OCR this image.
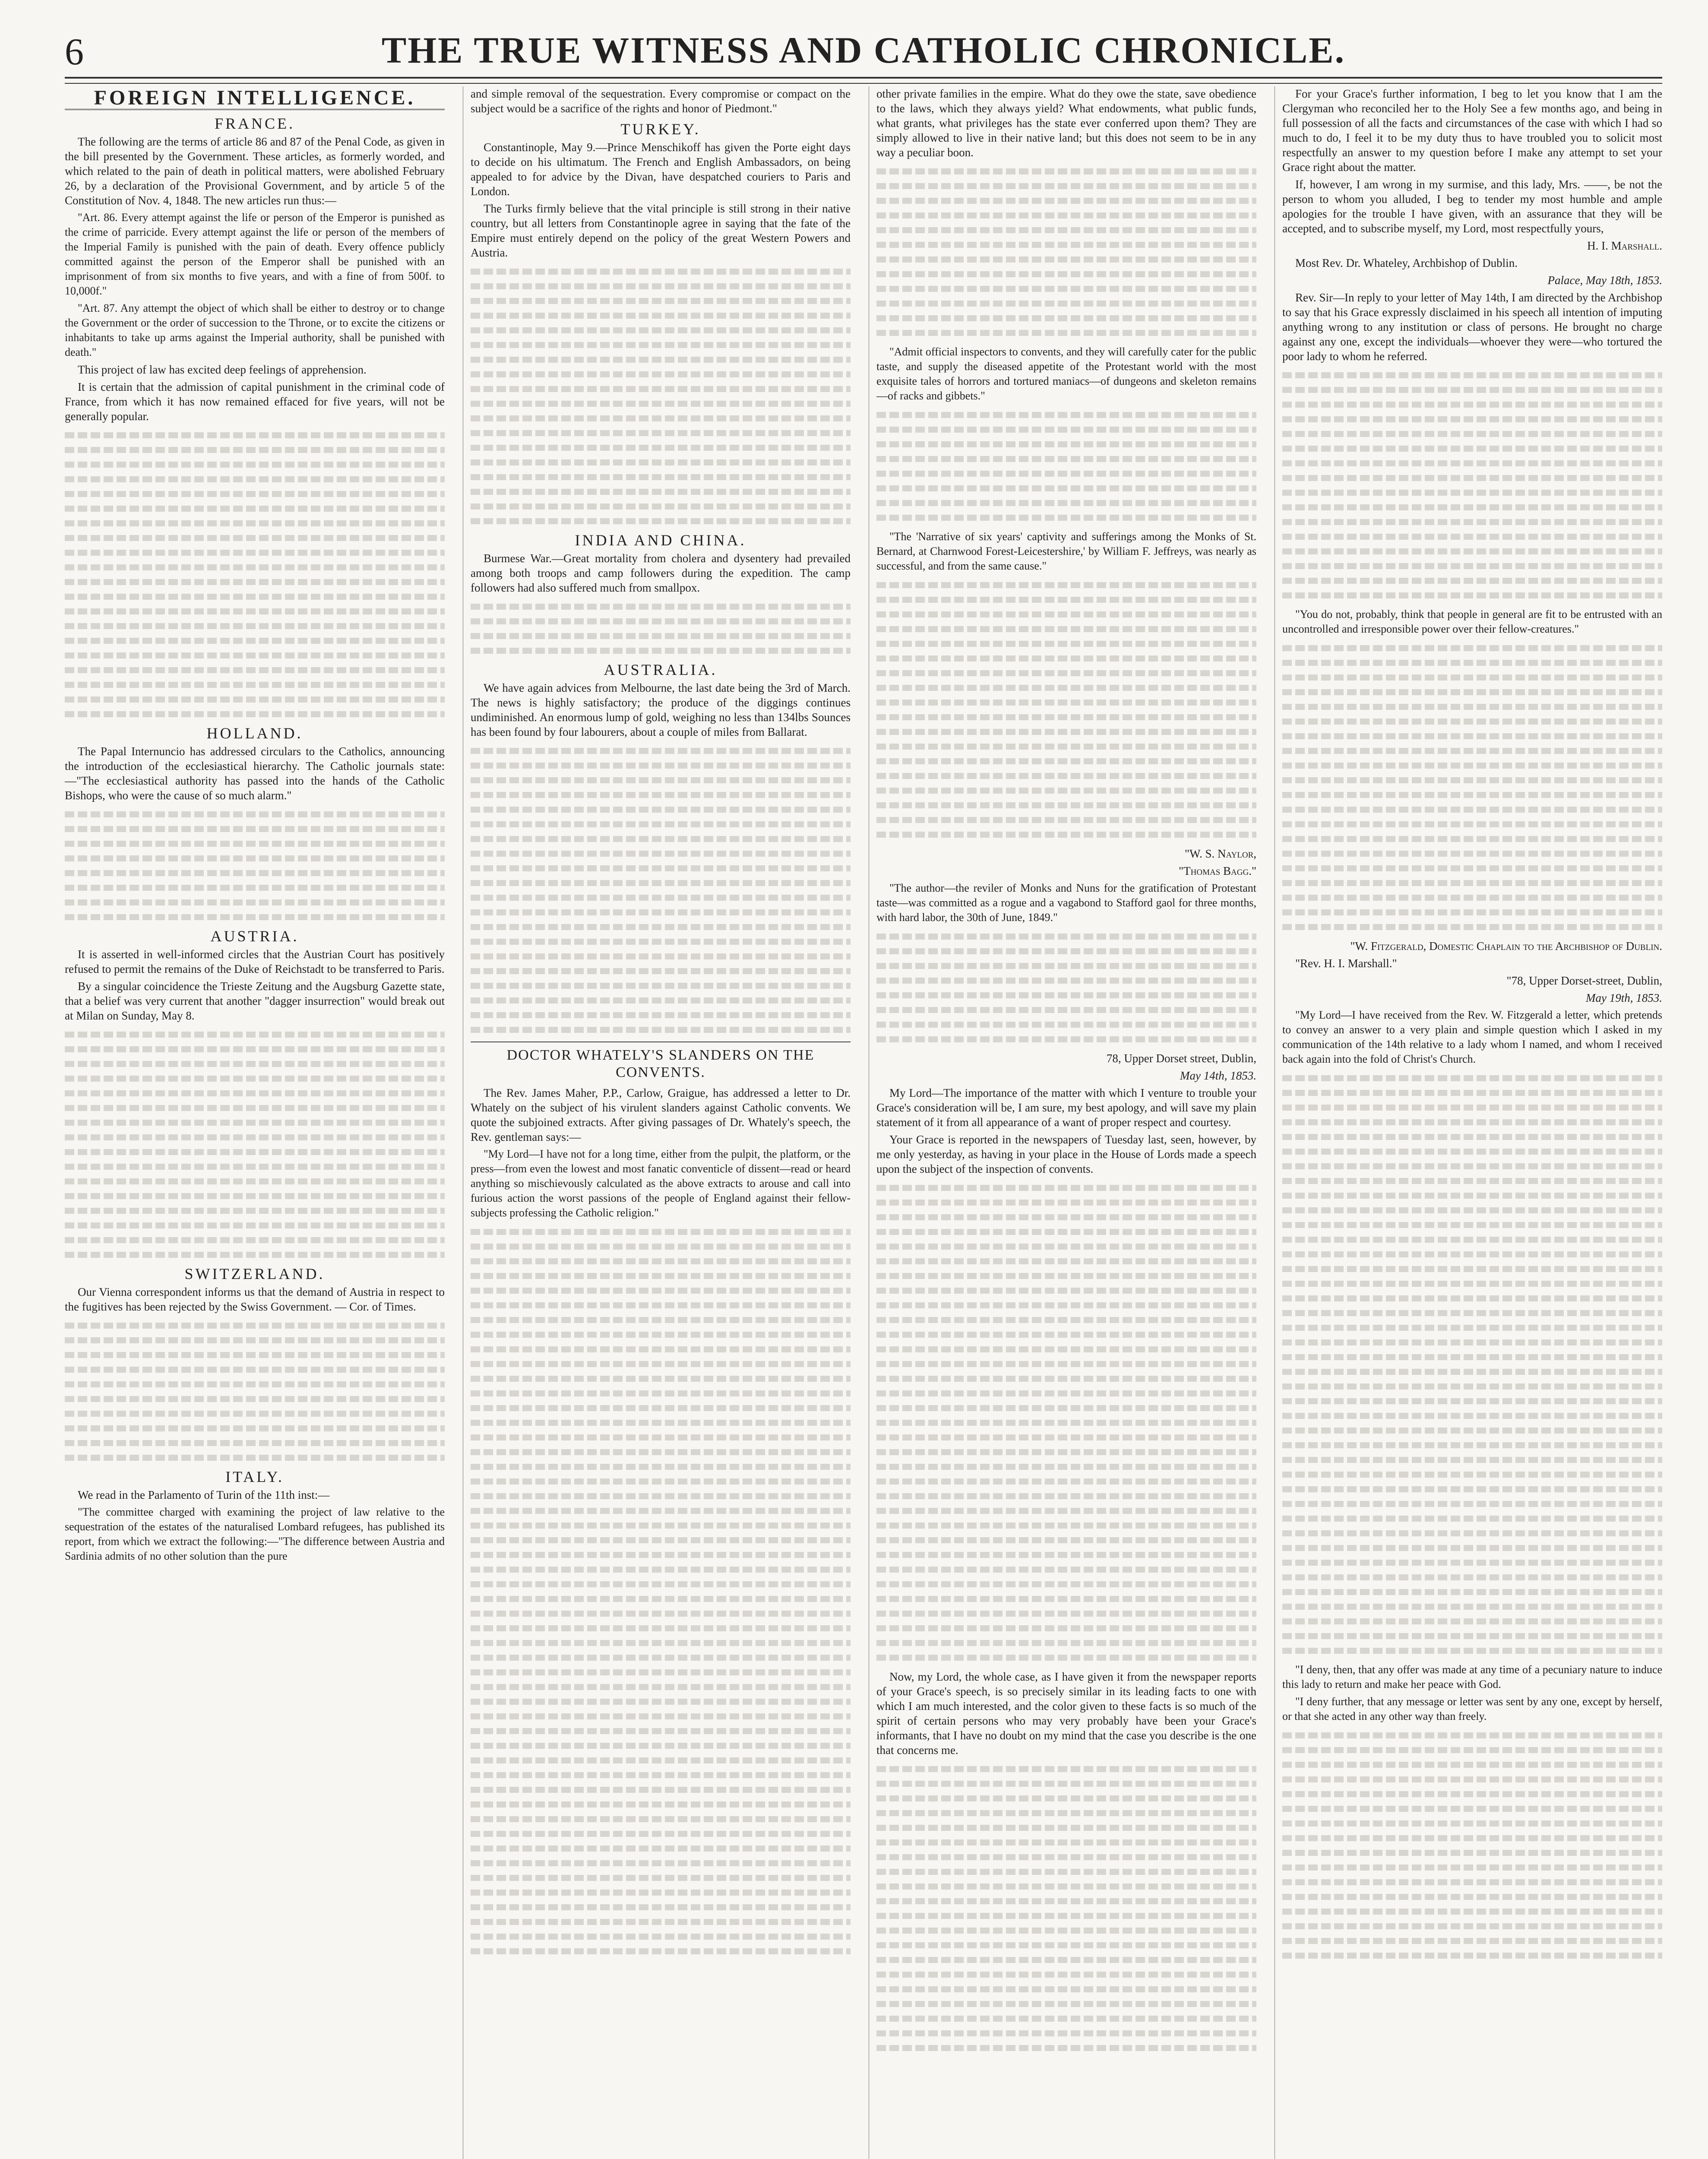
6	THE TRUE WITNESS AND CATHOLIC CHRONICLE.
FOREIGN INTELLIGENCE.
FRANCE.

The following are the terms of article 86 and 87 of the Penal Code, as given in the bill presented by the Government. These articles, as formerly worded, and which related to the pain of death in political matters, were abolished February 26, by a declaration of the Provisional Government, and by article 5 of the Constitution of Nov. 4, 1848. The new articles run thus:—

"Art. 86. Every attempt against the life or person of the Emperor is punished as the crime of parricide. Every attempt against the life or person of the members of the Imperial Family is punished with the pain of death. Every offence publicly committed against the person of the Emperor shall be punished with an imprisonment of from six months to five years, and with a fine of from 500f. to 10,000f."

"Art. 87. Any attempt the object of which shall be either to destroy or to change the Government or the order of succession to the Throne, or to excite the citizens or inhabitants to take up arms against the Imperial authority, shall be punished with death."

This project of law has excited deep feelings of apprehension.

It is certain that the admission of capital punishment in the criminal code of France, from which it has now remained effaced for five years, will not be generally popular.

HOLLAND.

The Papal Internuncio has addressed circulars to the Catholics, announcing the introduction of the ecclesiastical hierarchy. The Catholic journals state:—"The ecclesiastical authority has passed into the hands of the Catholic Bishops, who were the cause of so much alarm."

AUSTRIA.

It is asserted in well-informed circles that the Austrian Court has positively refused to permit the remains of the Duke of Reichstadt to be transferred to Paris.

By a singular coincidence the Trieste Zeitung and the Augsburg Gazette state, that a belief was very current that another "dagger insurrection" would break out at Milan on Sunday, May 8.

SWITZERLAND.

Our Vienna correspondent informs us that the demand of Austria in respect to the fugitives has been rejected by the Swiss Government. — Cor. of Times.

ITALY.

We read in the Parlamento of Turin of the 11th inst:—

"The committee charged with examining the project of law relative to the sequestration of the estates of the naturalised Lombard refugees, has published its report, from which we extract the following:—"The difference between Austria and Sardinia admits of no other solution than the pure

and simple removal of the sequestration. Every compromise or compact on the subject would be a sacrifice of the rights and honor of Piedmont."

TURKEY.

Constantinople, May 9.—Prince Menschikoff has given the Porte eight days to decide on his ultimatum. The French and English Ambassadors, on being appealed to for advice by the Divan, have despatched couriers to Paris and London.

The Turks firmly believe that the vital principle is still strong in their native country, but all letters from Constantinople agree in saying that the fate of the Empire must entirely depend on the policy of the great Western Powers and Austria.

INDIA AND CHINA.

Burmese War.—Great mortality from cholera and dysentery had prevailed among both troops and camp followers during the expedition. The camp followers had also suffered much from smallpox.

AUSTRALIA.

We have again advices from Melbourne, the last date being the 3rd of March. The news is highly satisfactory; the produce of the diggings continues undiminished. An enormous lump of gold, weighing no less than 134lbs Sounces has been found by four labourers, about a couple of miles from Ballarat.

DOCTOR WHATELY'S SLANDERS ON THE CONVENTS.

The Rev. James Maher, P.P., Carlow, Graigue, has addressed a letter to Dr. Whately on the subject of his virulent slanders against Catholic convents. We quote the subjoined extracts. After giving passages of Dr. Whately's speech, the Rev. gentleman says:—

"My Lord—I have not for a long time, either from the pulpit, the platform, or the press—from even the lowest and most fanatic conventicle of dissent—read or heard anything so mischievously calculated as the above extracts to arouse and call into furious action the worst passions of the people of England against their fellow-subjects professing the Catholic religion."

other private families in the empire. What do they owe the state, save obedience to the laws, which they always yield? What endowments, what public funds, what grants, what privileges has the state ever conferred upon them? They are simply allowed to live in their native land; but this does not seem to be in any way a peculiar boon.

"Admit official inspectors to convents, and they will carefully cater for the public taste, and supply the diseased appetite of the Protestant world with the most exquisite tales of horrors and tortured maniacs—of dungeons and skeleton remains—of racks and gibbets."

"The 'Narrative of six years' captivity and sufferings among the Monks of St. Bernard, at Charnwood Forest-Leicestershire,' by William F. Jeffreys, was nearly as successful, and from the same cause."

"W. S. Naylor,

"Thomas Bagg."

"The author—the reviler of Monks and Nuns for the gratification of Protestant taste—was committed as a rogue and a vagabond to Stafford gaol for three months, with hard labor, the 30th of June, 1849."

78, Upper Dorset street, Dublin,

May 14th, 1853.

My Lord—The importance of the matter with which I venture to trouble your Grace's consideration will be, I am sure, my best apology, and will save my plain statement of it from all appearance of a want of proper respect and courtesy.

Your Grace is reported in the newspapers of Tuesday last, seen, however, by me only yesterday, as having in your place in the House of Lords made a speech upon the subject of the inspection of convents.

Now, my Lord, the whole case, as I have given it from the newspaper reports of your Grace's speech, is so precisely similar in its leading facts to one with which I am much interested, and the color given to these facts is so much of the spirit of certain persons who may very probably have been your Grace's informants, that I have no doubt on my mind that the case you describe is the one that concerns me.

For your Grace's further information, I beg to let you know that I am the Clergyman who reconciled her to the Holy See a few months ago, and being in full possession of all the facts and circumstances of the case with which I had so much to do, I feel it to be my duty thus to have troubled you to solicit most respectfully an answer to my question before I make any attempt to set your Grace right about the matter.

If, however, I am wrong in my surmise, and this lady, Mrs. ——, be not the person to whom you alluded, I beg to tender my most humble and ample apologies for the trouble I have given, with an assurance that they will be accepted, and to subscribe myself, my Lord, most respectfully yours,

H. I. Marshall.

Most Rev. Dr. Whateley, Archbishop of Dublin.

Palace, May 18th, 1853.

Rev. Sir—In reply to your letter of May 14th, I am directed by the Archbishop to say that his Grace expressly disclaimed in his speech all intention of imputing anything wrong to any institution or class of persons. He brought no charge against any one, except the individuals—whoever they were—who tortured the poor lady to whom he referred.

"You do not, probably, think that people in general are fit to be entrusted with an uncontrolled and irresponsible power over their fellow-creatures."

"W. Fitzgerald, Domestic Chaplain to the Archbishop of Dublin.

"Rev. H. I. Marshall."

"78, Upper Dorset-street, Dublin,

May 19th, 1853.

"My Lord—I have received from the Rev. W. Fitzgerald a letter, which pretends to convey an answer to a very plain and simple question which I asked in my communication of the 14th relative to a lady whom I named, and whom I received back again into the fold of Christ's Church.

"I deny, then, that any offer was made at any time of a pecuniary nature to induce this lady to return and make her peace with God.

"I deny further, that any message or letter was sent by any one, except by herself, or that she acted in any other way than freely.
